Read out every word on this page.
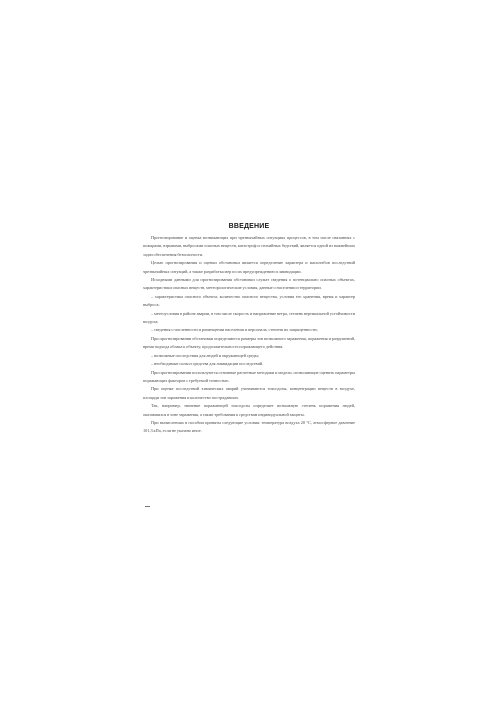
ВВЕДЕНИЕ

Прогнозирование и оценка возникающих при чрезвычайных ситуациях процессов, в том числе связанных с пожарами, взрывами, выбросами опасных веществ, катастроф и стихийных бедствий, является одной из важнейших задач обеспечения безопасности.

Целью прогнозирования и оценки обстановки является определение характера и масштабов последствий чрезвычайных ситуаций, а также разработка мер по их предупреждению и ликвидации.

Исходными данными для прогнозирования обстановки служат сведения о потенциально опасных объектах, характеристики опасных веществ, метеорологические условия, данные о населении и территории.

– характеристика опасного объекта, количество опасного вещества, условия его хранения, время и характер выброса;

– метеоусловия в районе аварии, в том числе скорость и направление ветра, степень вертикальной устойчивости воздуха;

– сведения о численности и размещении населения и персонала, степени их защищенности;

При прогнозировании обстановки определяются размеры зон возможного заражения, поражения и разрушений, время подхода облака к объекту, продолжительность поражающего действия.

– возможные последствия для людей и окружающей среды;

– необходимые силы и средства для ликвидации последствий.

При прогнозировании используются основные расчетные методики и модели, позволяющие оценить параметры поражающих факторов с требуемой точностью.

При оценке последствий химических аварий учитываются токсодозы, концентрации веществ в воздухе, площади зон заражения и количество пострадавших.

Так, например, значение поражающей токсодозы определяет возможную степень поражения людей, оказавшихся в зоне заражения, а также требования к средствам индивидуальной защиты.

При вычислениях в пособии приняты следующие условия: температура воздуха 20 °С, атмосферное давление 101,3 кПа, если не указано иное.
